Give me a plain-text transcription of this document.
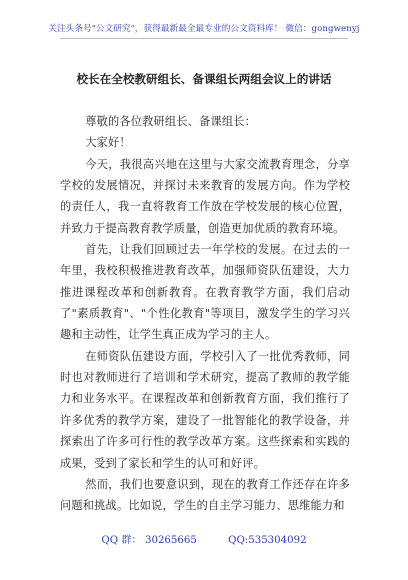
关注头条号"公文研究"，获得最新最全最专业的公文资料库！ 微信：gongwenyj
校长在全校教研组长、备课组长两组会议上的讲话

尊敬的各位教研组长、备课组长：

大家好！

今天，我很高兴地在这里与大家交流教育理念，分享学校的发展情况，并探讨未来教育的发展方向。作为学校的责任人，我一直将教育工作放在学校发展的核心位置，并致力于提高教育教学质量，创造更加优质的教育环境。

首先，让我们回顾过去一年学校的发展。在过去的一年里，我校积极推进教育改革，加强师资队伍建设，大力推进课程改革和创新教育。在教育教学方面，我们启动了"素质教育"、"个性化教育"等项目，激发学生的学习兴趣和主动性，让学生真正成为学习的主人。

在师资队伍建设方面，学校引入了一批优秀教师，同时也对教师进行了培训和学术研究，提高了教师的教学能力和业务水平。在课程改革和创新教育方面，我们推行了许多优秀的教学方案，建设了一批智能化的教学设备，并探索出了许多可行性的教学改革方案。这些探索和实践的成果，受到了家长和学生的认可和好评。

然而，我们也要意识到，现在的教育工作还存在许多问题和挑战。比如说，学生的自主学习能力、思维能力和

QQ 群： 30265665	QQ:535304092
